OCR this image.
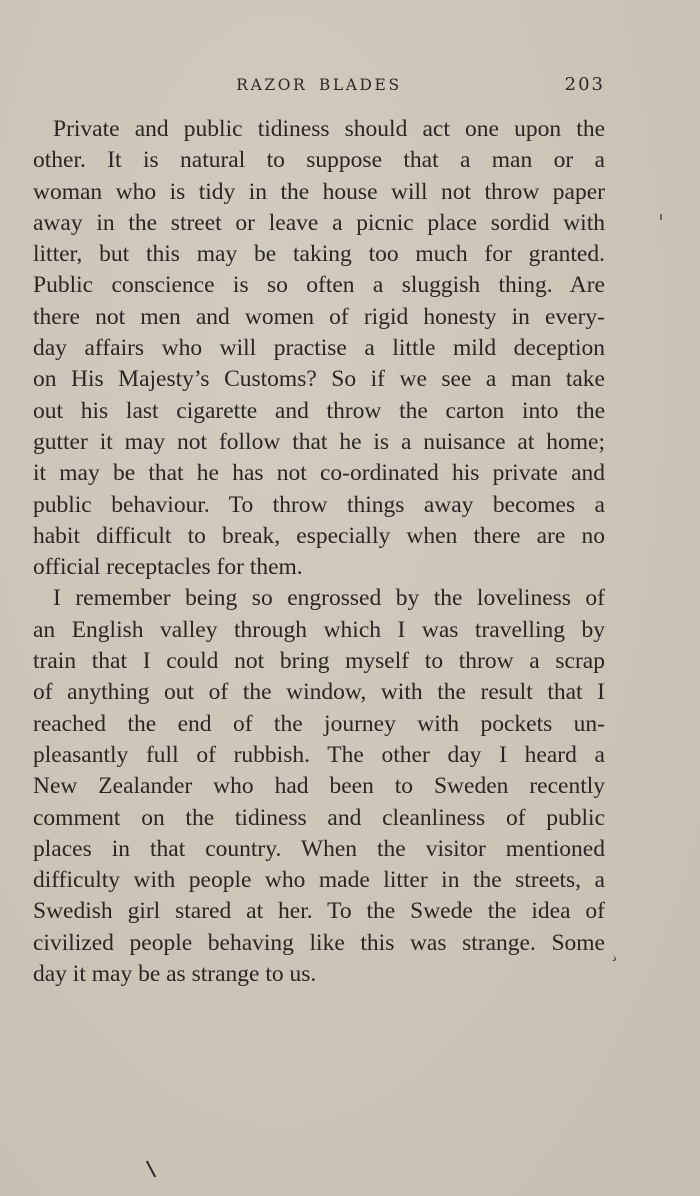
RAZOR BLADES	203
Private and public tidiness should act one upon the
other. It is natural to suppose that a man or a
woman who is tidy in the house will not throw paper
away in the street or leave a picnic place sordid with
litter, but this may be taking too much for granted.
Public conscience is so often a sluggish thing. Are
there not men and women of rigid honesty in every-
day affairs who will practise a little mild deception
on His Majesty’s Customs? So if we see a man take
out his last cigarette and throw the carton into the
gutter it may not follow that he is a nuisance at home;
it may be that he has not co-ordinated his private and
public behaviour. To throw things away becomes a
habit difficult to break, especially when there are no
official receptacles for them.
I remember being so engrossed by the loveliness of
an English valley through which I was travelling by
train that I could not bring myself to throw a scrap
of anything out of the window, with the result that I
reached the end of the journey with pockets un-
pleasantly full of rubbish. The other day I heard a
New Zealander who had been to Sweden recently
comment on the tidiness and cleanliness of public
places in that country. When the visitor mentioned
difficulty with people who made litter in the streets, a
Swedish girl stared at her. To the Swede the idea of
civilized people behaving like this was strange. Some
day it may be as strange to us.
›
